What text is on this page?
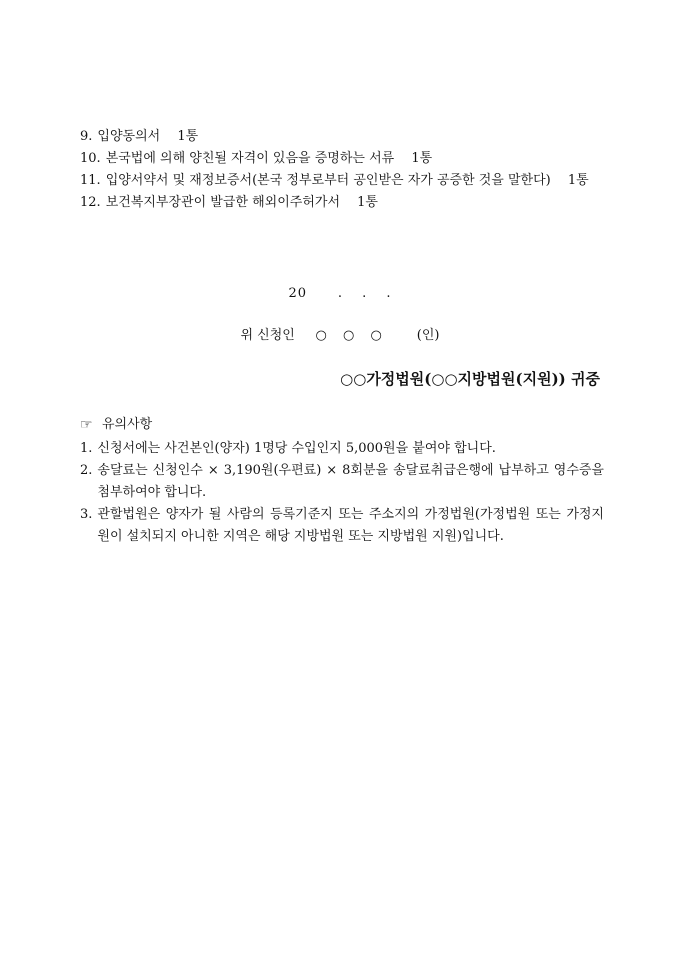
9. 입양동의서　 1통
10. 본국법에 의해 양친될 자격이 있음을 증명하는 서류　 1통
11. 입양서약서 및 재정보증서(본국 정부로부터 공인받은 자가 공증한 것을 말한다)　 1통
12. 보건복지부장관이 발급한 해외이주허가서　 1통
20 .　 .　 .
위 신청인 ○ ○ ○ (인)
○○가정법원(○○지방법원(지원)) 귀중
☞ 유의사항
1. 신청서에는 사건본인(양자) 1명당 수입인지 5,000원을 붙여야 합니다.
2. 송달료는 신청인수 × 3,190원(우편료) × 8회분을 송달료취급은행에 납부하고 영수증을 첨부하여야 합니다.
3. 관할법원은 양자가 될 사람의 등록기준지 또는 주소지의 가정법원(가정법원 또는 가정지원이 설치되지 아니한 지역은 해당 지방법원 또는 지방법원 지원)입니다.
